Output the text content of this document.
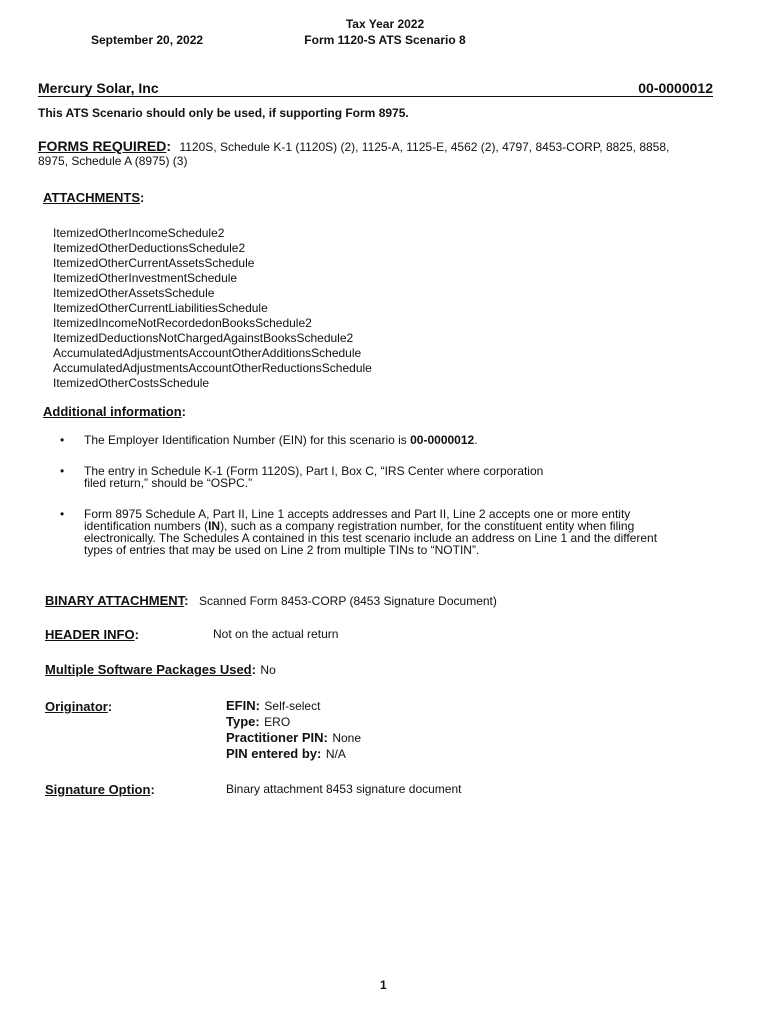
September 20, 2022
Tax Year 2022
Form 1120-S ATS Scenario 8
Mercury Solar, Inc	00-0000012
This ATS Scenario should only be used, if supporting Form 8975.
FORMS REQUIRED: 1120S, Schedule K-1 (1120S) (2), 1125-A, 1125-E, 4562 (2), 4797, 8453-CORP, 8825, 8858,
8975, Schedule A (8975) (3)
ATTACHMENTS:
ItemizedOtherIncomeSchedule2
ItemizedOtherDeductionsSchedule2
ItemizedOtherCurrentAssetsSchedule
ItemizedOtherInvestmentSchedule
ItemizedOtherAssetsSchedule
ItemizedOtherCurrentLiabilitiesSchedule
ItemizedIncomeNotRecordedonBooksSchedule2
ItemizedDeductionsNotChargedAgainstBooksSchedule2
AccumulatedAdjustmentsAccountOtherAdditionsSchedule
AccumulatedAdjustmentsAccountOtherReductionsSchedule
ItemizedOtherCostsSchedule
Additional information:
• The Employer Identification Number (EIN) for this scenario is 00-0000012.
• The entry in Schedule K-1 (Form 1120S), Part I, Box C, “IRS Center where corporation
filed return,” should be “OSPC.”
• Form 8975 Schedule A, Part II, Line 1 accepts addresses and Part II, Line 2 accepts one or more entity
identification numbers (IN), such as a company registration number, for the constituent entity when filing
electronically. The Schedules A contained in this test scenario include an address on Line 1 and the different
types of entries that may be used on Line 2 from multiple TINs to “NOTIN”.
BINARY ATTACHMENT: Scanned Form 8453-CORP (8453 Signature Document)
HEADER INFO:	Not on the actual return
Multiple Software Packages Used: No
Originator:	EFIN: Self-select
Type: ERO
Practitioner PIN: None
PIN entered by: N/A
Signature Option:	Binary attachment 8453 signature document
1
